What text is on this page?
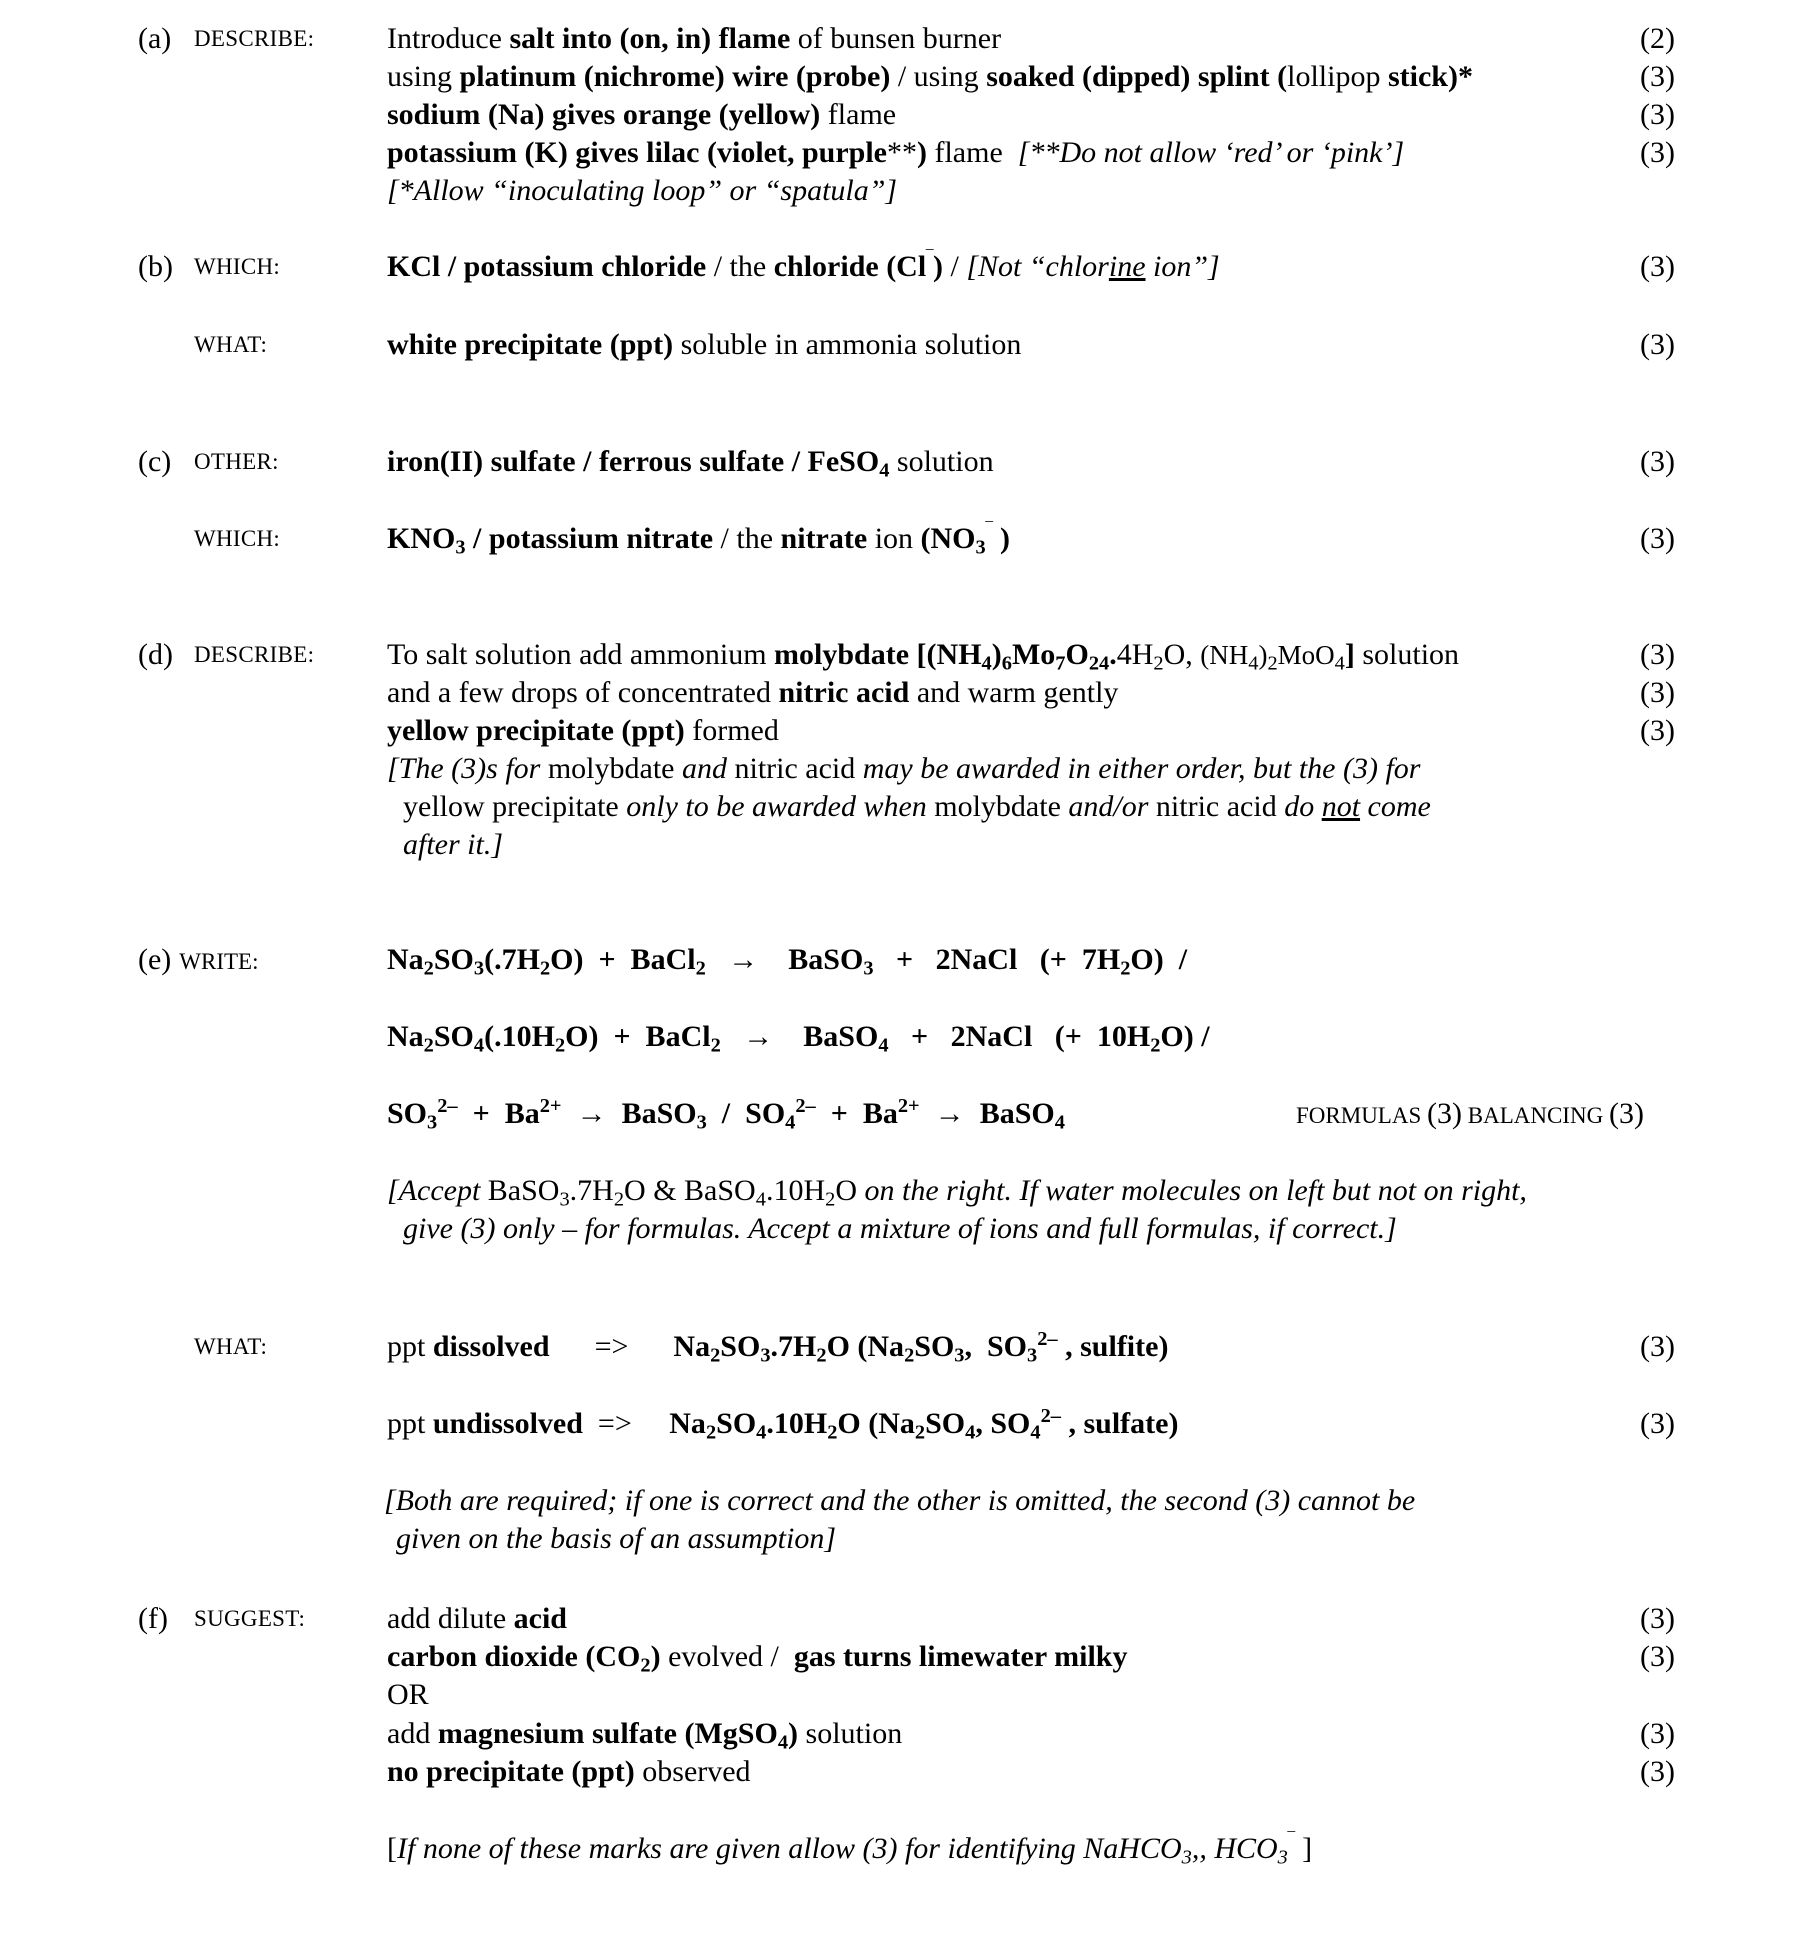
(a) DESCRIBE: Introduce salt into (on, in) flame of bunsen burner	(2)
using platinum (nichrome) wire (probe) / using soaked (dipped) splint (lollipop stick)*	(3)
sodium (Na) gives orange (yellow) flame	(3)
potassium (K) gives lilac (violet, purple**) flame  [**Do not allow ‘red’ or ‘pink’]	(3)
[*Allow “inoculating loop” or “spatula”]
(b) WHICH:	KCl / potassium chloride / the chloride (Cl‾) / [Not “chlorine ion”]	(3)
WHAT:	white precipitate (ppt) soluble in ammonia solution	(3)
(c) OTHER:	iron(II) sulfate / ferrous sulfate / FeSO$_4$ solution	(3)
WHICH:	$KNO_3$ / potassium nitrate / the nitrate ion ($NO_3^‾$ )	(3)
(d) DESCRIBE: To salt solution add ammonium molybdate [$(NH_4)_6Mo_7O_{24}.4H_2O$, $(NH_4)_2MoO_4$] solution	(3)
and a few drops of concentrated nitric acid and warm gently	(3)
yellow precipitate (ppt) formed	(3)
[The (3)s for molybdate and nitric acid may be awarded in either order, but the (3) for
yellow precipitate only to be awarded when molybdate and/or nitric acid do not come
after it.]
(e) WRITE:	$Na_2SO_3(.7H_2O)$  +  BaCl$_2$   →    BaSO$_3$   +   2NaCl   (+  $7H_2O$)  /
$Na_2SO_4(.10H_2O)$  +  BaCl$_2$   →    BaSO$_4$   +   2NaCl   (+  $10H_2O$) /
$SO_3^{2-} + Ba^{2+}$  →  BaSO$_3$  /  $SO_4^{2-} + Ba^{2+}$  →  BaSO$_4$	FORMULAS (3) BALANCING (3)
[Accept $BaSO_3.7H_2O$ & $BaSO_4.10H_2O$ on the right. If water molecules on left but not on right,
give (3) only – for formulas. Accept a mixture of ions and full formulas, if correct.]
WHAT:	ppt dissolved      =>      $Na_2SO_3.7H_2O$ ($Na_2SO_3$,  $SO_3^{2-}$ , sulfite)	(3)
ppt undissolved  =>     $Na_2SO_4.10H_2O$ ($Na_2SO_4$, $SO_4^{2-}$ , sulfate)	(3)
[Both are required; if one is correct and the other is omitted, the second (3) cannot be
given on the basis of an assumption]
(f) SUGGEST:	add dilute acid	(3)
carbon dioxide $(CO_2)$ evolved /  gas turns limewater milky	(3)
OR
add magnesium sulfate (MgSO$_4$) solution	(3)
no precipitate (ppt) observed	(3)
[If none of these marks are given allow (3) for identifying NaHCO$_3$,, $HCO_3^‾$ ]
